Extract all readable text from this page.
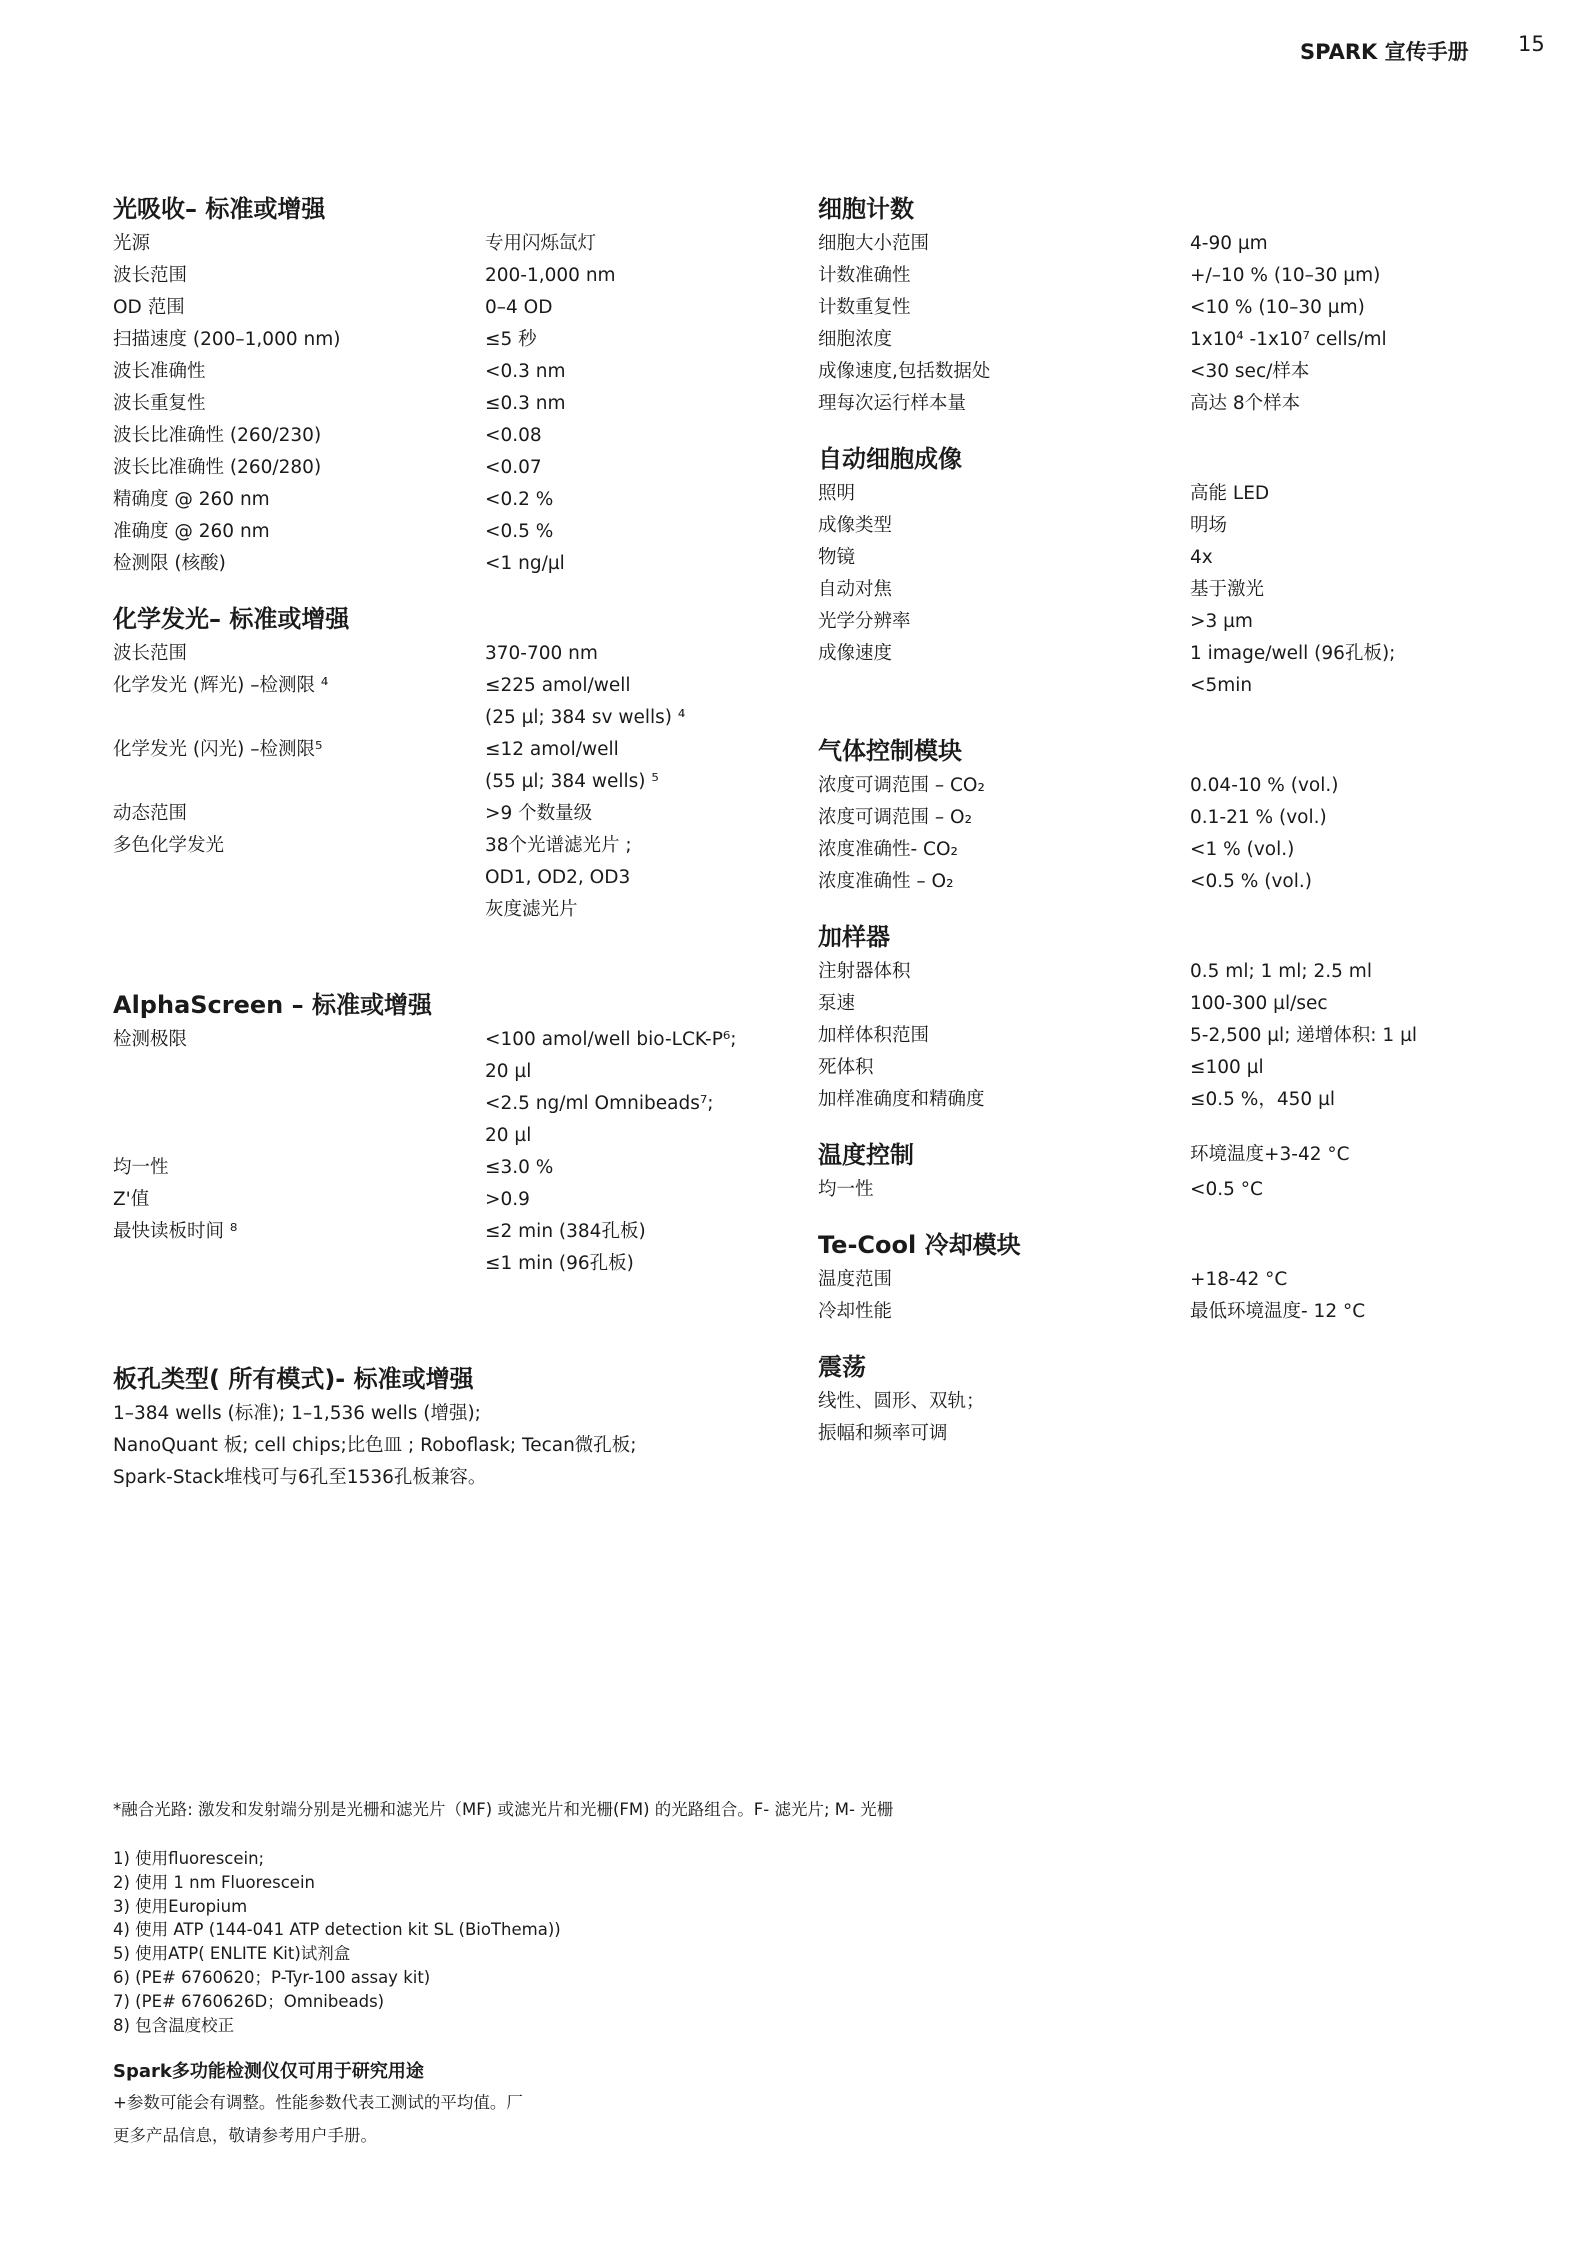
SPARK 宣传手册 15
光吸收– 标准或增强
光源	专用闪烁氙灯
波长范围	200-1,000 nm
OD 范围	0–4 OD
扫描速度 (200–1,000 nm)	≤5 秒
波长准确性	<0.3 nm
波长重复性	≤0.3 nm
波长比准确性 (260/230)	<0.08
波长比准确性 (260/280)	<0.07
精确度 @ 260 nm	<0.2 %
准确度 @ 260 nm	<0.5 %
检测限 (核酸)	<1 ng/µl
化学发光– 标准或增强
波长范围	370-700 nm
化学发光 (辉光) –检测限 ⁴	≤225 amol/well
(25 µl; 384 sv wells) ⁴
化学发光 (闪光) –检测限⁵	≤12 amol/well
(55 µl; 384 wells) ⁵
动态范围	>9 个数量级
多色化学发光	38个光谱滤光片 ;
OD1, OD2, OD3
灰度滤光片
AlphaScreen – 标准或增强
检测极限	<100 amol/well bio-LCK-P⁶;
20 µl
<2.5 ng/ml Omnibeads⁷;
20 µl
均一性	≤3.0 %
Z'值	>0.9
最快读板时间 ⁸	≤2 min (384孔板)
≤1 min (96孔板)
板孔类型( 所有模式)- 标准或增强
1–384 wells (标准); 1–1,536 wells (增强);
NanoQuant 板; cell chips;比色皿 ; Roboflask; Tecan微孔板;
Spark-Stack堆栈可与6孔至1536孔板兼容。
细胞计数
细胞大小范围	4-90 µm
计数准确性	+/–10 % (10–30 µm)
计数重复性	<10 % (10–30 µm)
细胞浓度	1x10⁴ -1x10⁷ cells/ml
成像速度,包括数据处	<30 sec/样本
理每次运行样本量	高达 8个样本
自动细胞成像
照明	高能 LED
成像类型	明场
物镜	4x
自动对焦	基于激光
光学分辨率	>3 µm
成像速度	1 image/well (96孔板);
<5min
气体控制模块
浓度可调范围 – CO₂	0.04-10 % (vol.)
浓度可调范围 – O₂	0.1-21 % (vol.)
浓度准确性- CO₂	<1 % (vol.)
浓度准确性 – O₂	<0.5 % (vol.)
加样器
注射器体积	0.5 ml; 1 ml; 2.5 ml
泵速	100-300 µl/sec
加样体积范围	5-2,500 µl; 递增体积: 1 µl
死体积	≤100 µl
加样准确度和精确度	≤0.5 %，450 µl
温度控制	环境温度+3-42 °C
均一性	<0.5 °C
Te-Cool 冷却模块
温度范围	+18-42 °C
冷却性能	最低环境温度- 12 °C
震荡
线性、圆形、双轨；
振幅和频率可调
*融合光路: 激发和发射端分别是光栅和滤光片（MF) 或滤光片和光栅(FM) 的光路组合。F- 滤光片; M- 光栅
1) 使用fluorescein;
2) 使用 1 nm Fluorescein
3) 使用Europium
4) 使用 ATP (144-041 ATP detection kit SL (BioThema))
5) 使用ATP( ENLITE Kit)试剂盒
6) (PE# 6760620；P-Tyr-100 assay kit)
7) (PE# 6760626D；Omnibeads)
8) 包含温度校正
Spark多功能检测仪仅可用于研究用途
+参数可能会有调整。性能参数代表工测试的平均值。厂
更多产品信息，敬请参考用户手册。
